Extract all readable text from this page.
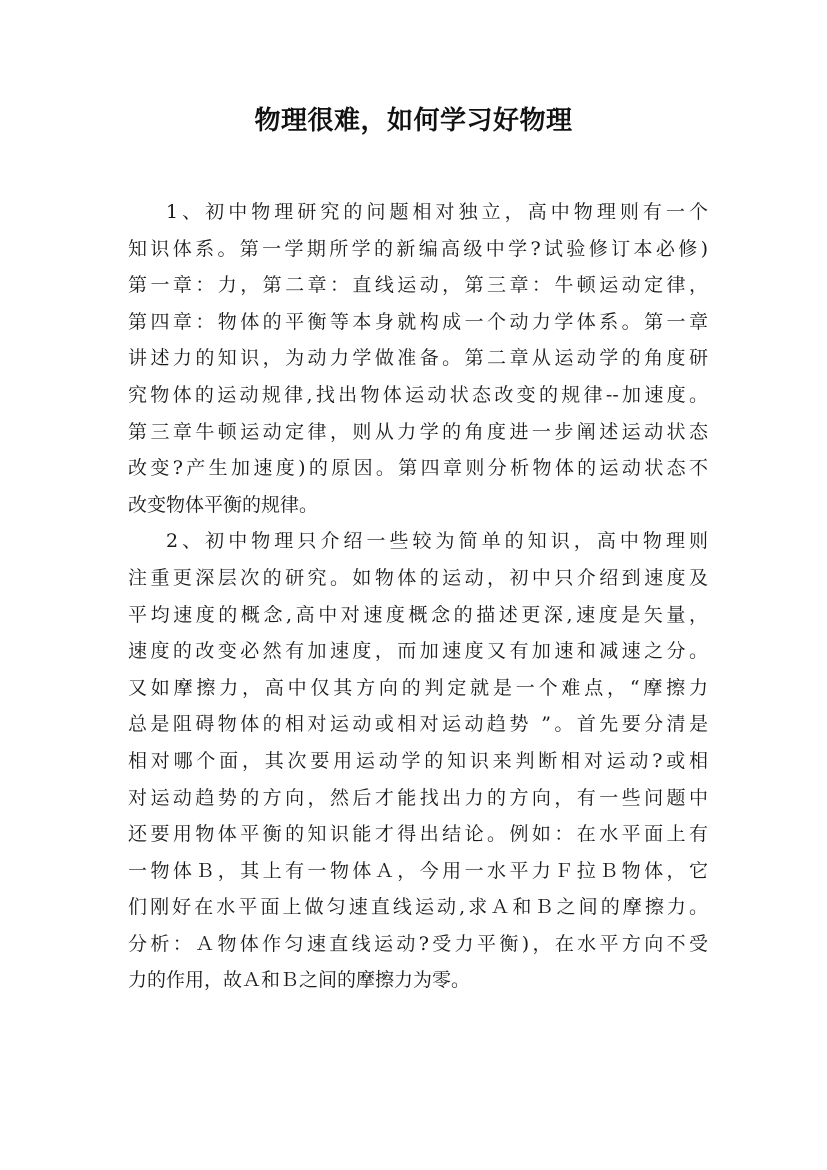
物理很难，如何学习好物理
1、初中物理研究的问题相对独立，高中物理则有一个
知识体系。第一学期所学的新编高级中学?试验修订本必修)
第一章：力，第二章：直线运动，第三章：牛顿运动定律，
第四章：物体的平衡等本身就构成一个动力学体系。第一章
讲述力的知识，为动力学做准备。第二章从运动学的角度研
究物体的运动规律,找出物体运动状态改变的规律--加速度。
第三章牛顿运动定律，则从力学的角度进一步阐述运动状态
改变?产生加速度)的原因。第四章则分析物体的运动状态不
改变物体平衡的规律。
2、初中物理只介绍一些较为简单的知识，高中物理则
注重更深层次的研究。如物体的运动，初中只介绍到速度及
平均速度的概念,高中对速度概念的描述更深,速度是矢量，
速度的改变必然有加速度，而加速度又有加速和减速之分。
又如摩擦力，高中仅其方向的判定就是一个难点，“摩擦力
总是阻碍物体的相对运动或相对运动趋势 ”。首先要分清是
相对哪个面，其次要用运动学的知识来判断相对运动?或相
对运动趋势的方向，然后才能找出力的方向，有一些问题中
还要用物体平衡的知识能才得出结论。例如：在水平面上有
一物体Ｂ，其上有一物体Ａ，今用一水平力Ｆ拉Ｂ物体，它
们刚好在水平面上做匀速直线运动,求Ａ和Ｂ之间的摩擦力。
分析：Ａ物体作匀速直线运动?受力平衡)，在水平方向不受
力的作用，故Ａ和Ｂ之间的摩擦力为零。
